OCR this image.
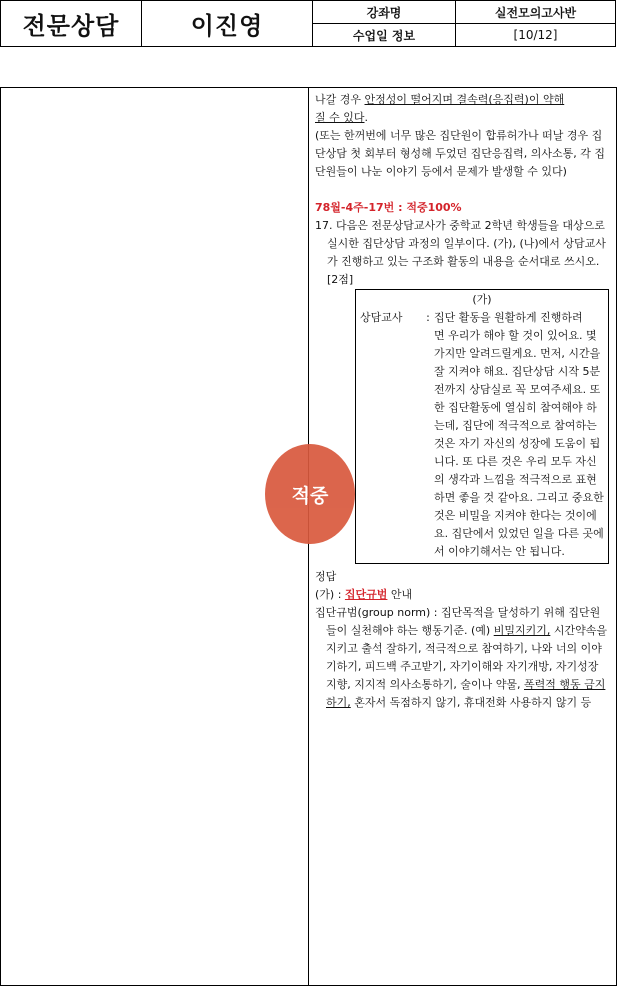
전문상담	이진영	강좌명	실전모의고사반
		수업일 정보	[10/12]

나갈 경우 안정성이 떨어지며 결속력(응집력)이 약해
질 수 있다.

(또는 한꺼번에 너무 많은 집단원이 합류허가나 떠날 경우 집단상담 첫 회부터 형성해 두었던 집단응집력, 의사소통, 각 집단원들이 나눈 이야기 등에서 문제가 발생할 수 있다)

78월-4주-17번 : 적중100%

17. 다음은 전문상담교사가 중학교 2학년 학생들을 대상으로 실시한 집단상담 과정의 일부이다. (가), (나)에서 상담교사가 진행하고 있는 구조화 활동의 내용을 순서대로 쓰시오.[2점]

(가)
상담교사	: 집단 활동을 원활하게 진행하려
면 우리가 해야 할 것이 있어요. 몇 가지만 알려드릴게요. 먼저, 시간을 잘 지켜야 해요. 집단상담 시작 5분 전까지 상담실로 꼭 모여주세요. 또한 집단활동에 열심히 참여해야 하는데, 집단에 적극적으로 참여하는 것은 자기 자신의 성장에 도움이 됩니다. 또 다른 것은 우리 모두 자신의 생각과 느낌을 적극적으로 표현하면 좋을 것 같아요. 그리고 중요한 것은 비밀을 지켜야 한다는 것이에요. 집단에서 있었던 일을 다른 곳에서 이야기해서는 안 됩니다.

정답

(가) : 집단규범 안내

집단규범(group norm) : 집단목적을 달성하기 위해 집단원들이 실천해야 하는 행동기준. (예) 비밀지키기, 시간약속을 지키고 출석 잘하기, 적극적으로 참여하기, 나와 너의 이야기하기, 피드백 주고받기, 자기이해와 자기개방, 자기성장 지향, 지지적 의사소통하기, 술이나 약물, 폭력적 행동 금지하기, 혼자서 독점하지 않기, 휴대전화 사용하지 않기 등

적중
